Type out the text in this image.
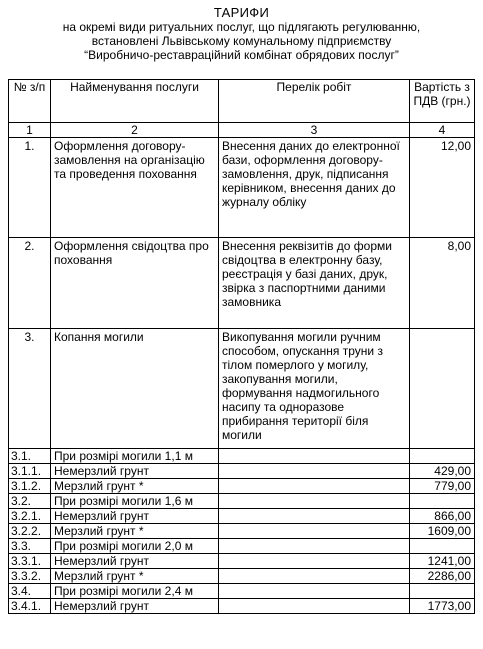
ТАРИФИ
на окремі види ритуальних послуг, що підлягають регулюванню,
встановлені Львівському комунальному підприємству
“Виробничо-реставраційний комбінат обрядових послуг”
№ з/п	Найменування послуги	Перелік робіт	Вартість з ПДВ (грн.)
1	2	3	4
1.	Оформлення договору-замовлення на організацію та проведення поховання	Внесення даних до електронної бази, оформлення договору-замовлення, друк, підписання керівником, внесення даних до журналу обліку	12,00
2.	Оформлення свідоцтва про поховання	Внесення реквізитів до форми свідоцтва в електронну базу, реєстрація у базі даних, друк, звірка з паспортними даними замовника	8,00
3.	Копання могили	Викопування могили ручним способом, опускання труни з тілом померлого у могилу, закопування могили, формування надмогильного насипу та одноразове прибирання території біля могили	
3.1.	При розмірі могили 1,1 м		
3.1.1.	Немерзлий грунт		429,00
3.1.2.	Мерзлий грунт *		779,00
3.2.	При розмірі могили 1,6 м		
3.2.1.	Немерзлий грунт		866,00
3.2.2.	Мерзлий грунт *		1609,00
3.3.	При розмірі могили 2,0 м		
3.3.1.	Немерзлий грунт		1241,00
3.3.2.	Мерзлий грунт *		2286,00
3.4.	При розмірі могили 2,4 м		
3.4.1.	Немерзлий грунт		1773,00
